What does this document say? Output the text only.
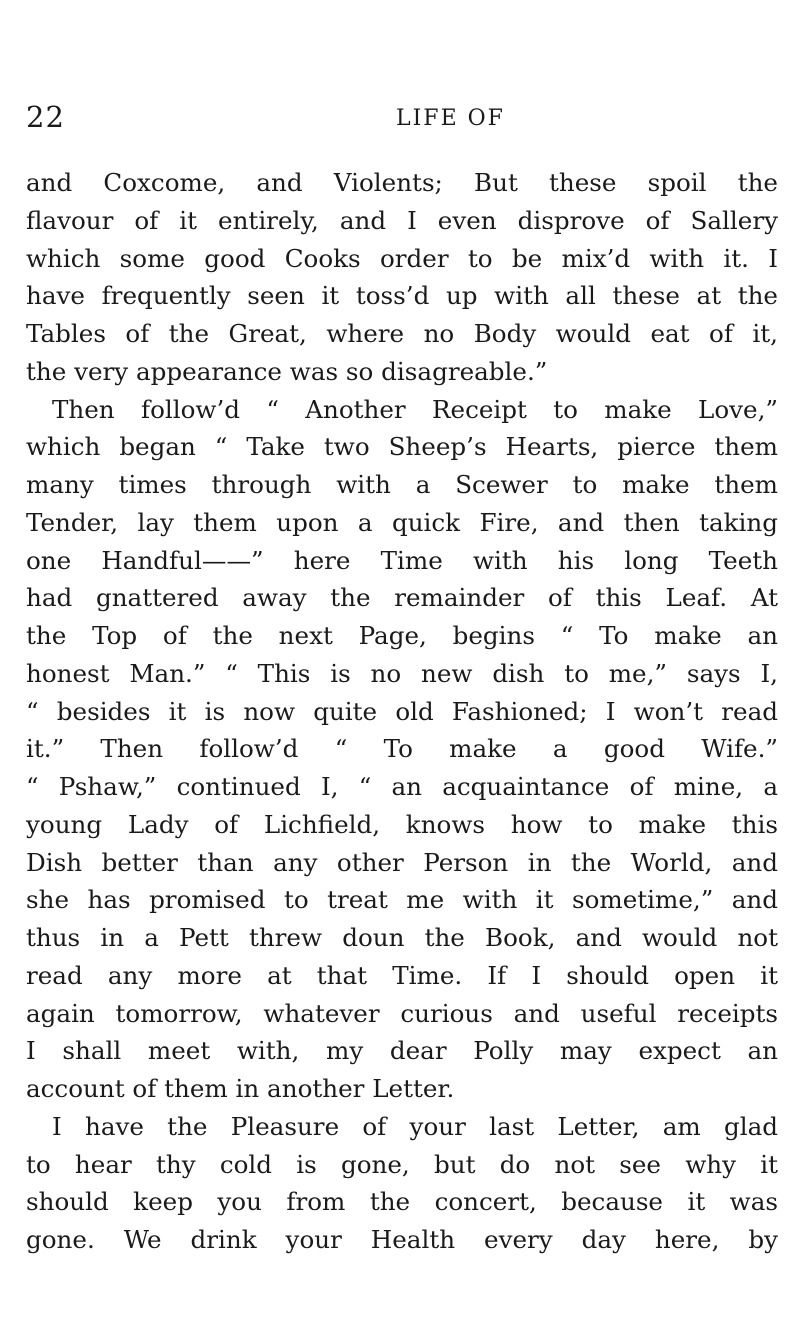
22	LIFE OF
and Coxcome, and Violents; But these spoil the
flavour of it entirely, and I even disprove of Sallery
which some good Cooks order to be mix’d with it. I
have frequently seen it toss’d up with all these at the
Tables of the Great, where no Body would eat of it,
the very appearance was so disagreable.”
Then follow’d “ Another Receipt to make Love,”
which began “ Take two Sheep’s Hearts, pierce them
many times through with a Scewer to make them
Tender, lay them upon a quick Fire, and then taking
one Handful——” here Time with his long Teeth
had gnattered away the remainder of this Leaf. At
the Top of the next Page, begins “ To make an
honest Man.” “ This is no new dish to me,” says I,
“ besides it is now quite old Fashioned; I won’t read
it.” Then follow’d “ To make a good Wife.”
“ Pshaw,” continued I, “ an acquaintance of mine, a
young Lady of Lichfield, knows how to make this
Dish better than any other Person in the World, and
she has promised to treat me with it sometime,” and
thus in a Pett threw doun the Book, and would not
read any more at that Time. If I should open it
again tomorrow, whatever curious and useful receipts
I shall meet with, my dear Polly may expect an
account of them in another Letter.
I have the Pleasure of your last Letter, am glad
to hear thy cold is gone, but do not see why it
should keep you from the concert, because it was
gone. We drink your Health every day here, by
